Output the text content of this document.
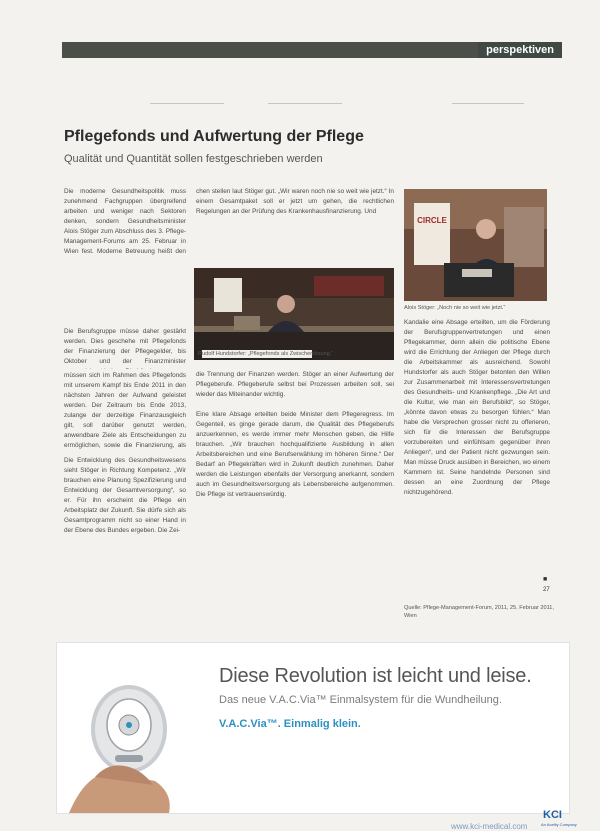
perspektiven
Pflegefonds und Aufwertung der Pflege

Qualität und Quantität sollen festgeschrieben werden

Die moderne Gesundheitspolitik muss zunehmend Fachgruppen übergreifend arbeiten und weniger nach Sektoren denken, sondern Gesundheitsminister Alois Stöger zum Abschluss des 3. Pflege-Management-Forums am 25. Februar in Wien fest. Moderne Betreuung heißt den

Die Berufsgruppe müsse daher gestärkt werden. Dies geschehe mit Pflegefonds der Finanzierung der Pflegegelder, bis Oktober und der Finanzminister

müssen sich im Rahmen des Pflegefonds mit unserem Kampf bis Ende 2011 in den nächsten Jahren der Aufwand geleistet werden. Der Zeitraum bis Ende 2013, zulange der derzeitige Finanzausgleich gilt, soll darüber genutzt werden, anwendbare Ziele als Entscheidungen zu ermöglichen, sowie die Finanzierung, als

Die Entwicklung des Gesundheitswesens sieht Stöger in Richtung Kompetenz. „Wir brauchen eine Planung Spezifizierung und Entwicklung der Gesamtversorgung“, so er. Für ihn erscheint die Pflege ein Arbeitsplatz der Zukunft. Sie dürfe sich als Gesamtprogramm nicht so einer Hand in der Ebene des Bundes ergeben. Die Zei-

chen stellen laut Stöger gut. „Wir waren noch nie so weit wie jetzt.“ In einem Gesamtpaket soll er jetzt um gehen, die rechtlichen Regelungen an der Prüfung des Krankenhausfinanzierung. Und

Rudolf Hundstorfer: „Pflegefonds als Zwischenlösung.“

die Trennung der Finanzen werden. Stöger an einer Aufwertung der Pflegeberufe. Pflegeberufe selbst bei Prozessen arbeiten soll, sei wieder das Miteinander wichtig.

Eine klare Absage erteilten beide Minister dem Pflegeregress. Im Gegenteil, es ginge gerade darum, die Qualität des Pflegeberufs anzuerkennen, es werde immer mehr Menschen geben, die Hilfe brauchen. „Wir brauchen hochqualifizierte Ausbildung in allen Arbeitsbereichen und eine Berufserwählung im höheren Sinne.“ Der Bedarf an Pflegekräften wird in Zukunft deutlich zunehmen. Daher werden die Leistungen ebenfalls der Versorgung anerkannt, sondern auch im Gesundheitsversorgung als Lebensbereiche aufgenommen. Die Pflege ist vertrauenswürdig.

CIRCLE
Alois Stöger: „Noch nie so weit wie jetzt.“

Kandalie eine Absage erteilten, um die Förderung der Berufsgruppenvertretungen und einen Pflegekammer, denn allein die politische Ebene wird die Errichtung der Anliegen der Pflege durch die Arbeitskammer als ausreichend. Sowohl Hundstorfer als auch Stöger betonten den Willen zur Zusammenarbeit mit Interessensvertretungen des Gesundheits- und Krankenpflege. „Die Art und die Kultur, wie man ein Berufsbild“, so Stöger, „könnte davon etwas zu besorgen fühlen.“ Man habe die Versprechen grosser nicht zu offerieren, sich für die Interessen der Berufsgruppe vorzubereiten und einfühlsam gegenüber ihren Anliegen“, und der Patient nicht gezwungen sein. Man müsse Druck ausüben in Bereichen, wo einem Kammern ist. Seine handelnde Personen sind dessen an eine Zuordnung der Pflege nichtzugehörend.

■
27
Quelle: Pflege-Management-Forum, 2011, 25. Februar 2011, Wien
Diese Revolution ist leicht und leise.

Das neue V.A.C.Via™ Einmalsystem für die Wundheilung.

V.A.C.Via™. Einmalig klein.

www.kci-medical.com
KCI
An Acelity Company
